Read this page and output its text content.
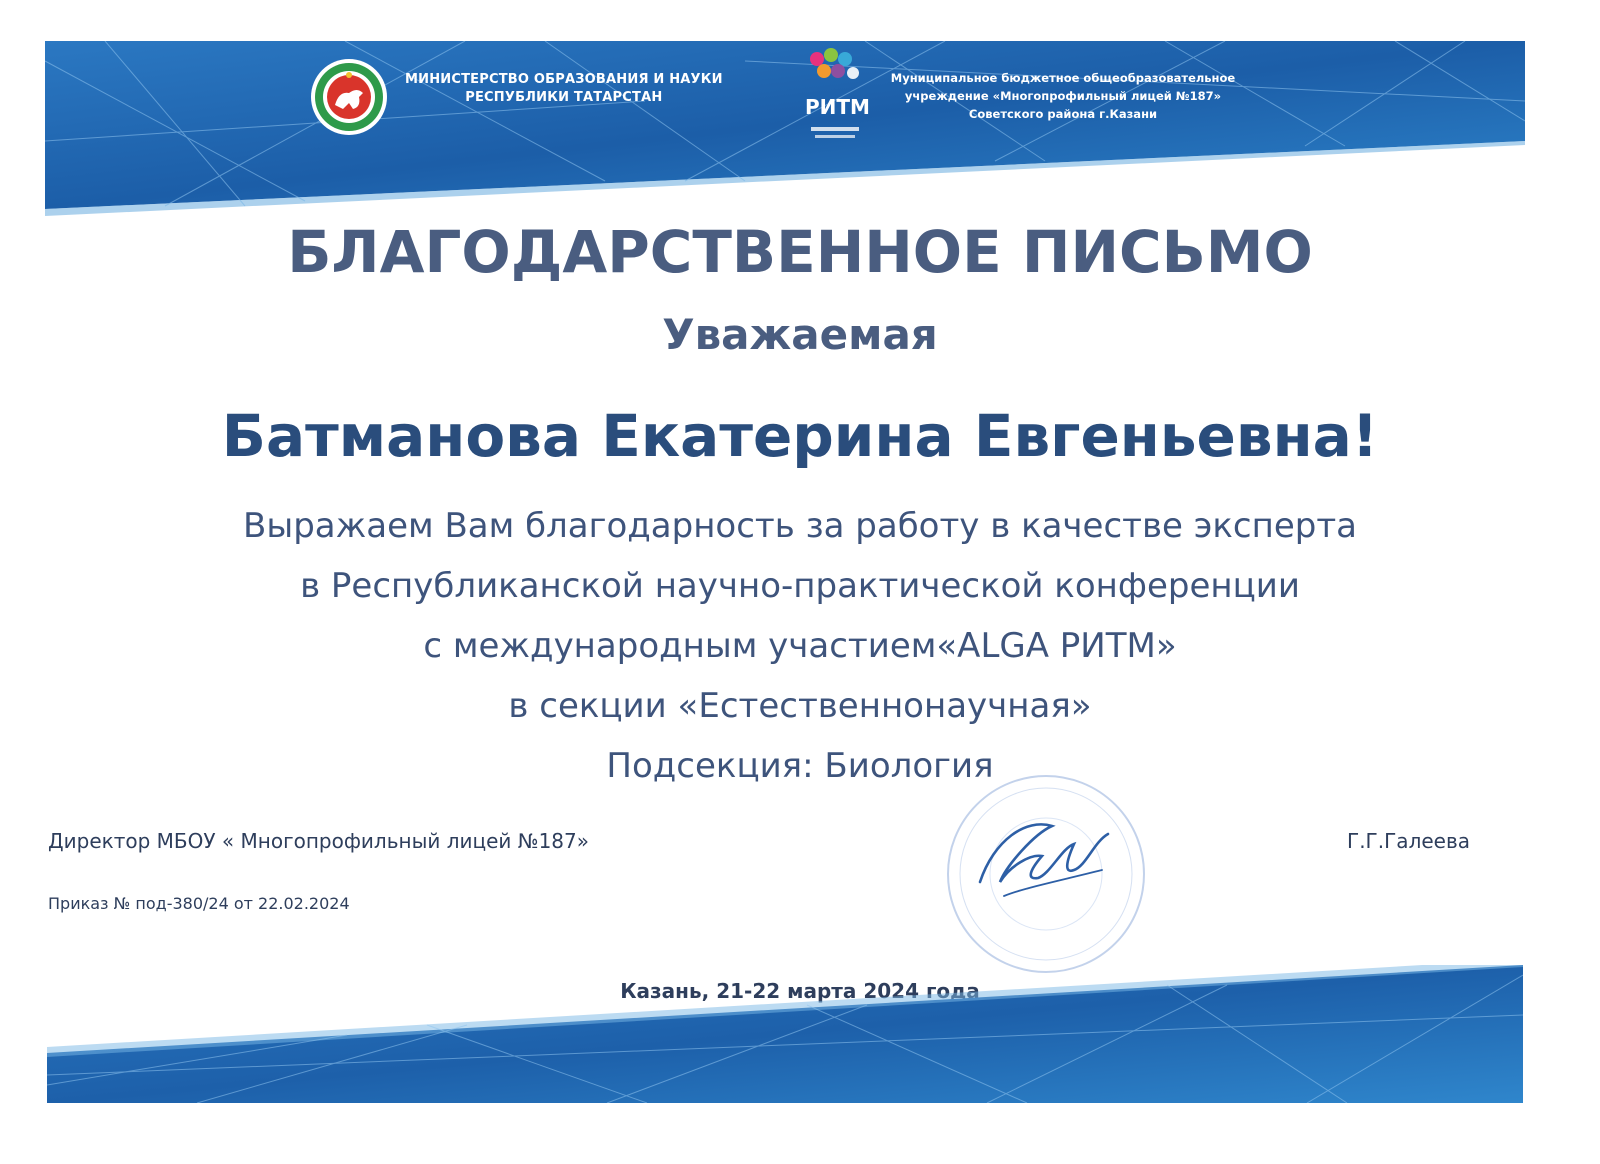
МИНИСТЕРСТВО ОБРАЗОВАНИЯ И НАУКИ
РЕСПУБЛИКИ ТАТАРСТАН	РИТМ
Муниципальное бюджетное общеобразовательное
учреждение «Многопрофильный лицей №187»
Советского района г.Казани
БЛАГОДАРСТВЕННОЕ ПИСЬМО
Уважаемая
Батманова Екатерина Евгеньевна!
Выражаем Вам благодарность за работу в качестве эксперта
в Республиканской научно-практической конференции
с международным участием«ALGA РИТМ»
в секции «Естественнонаучная»
Подсекция: Биология
Директор МБОУ « Многопрофильный лицей №187»	Г.Г.Галеева
Приказ № под-380/24 от 22.02.2024
Казань, 21-22 марта 2024 года
